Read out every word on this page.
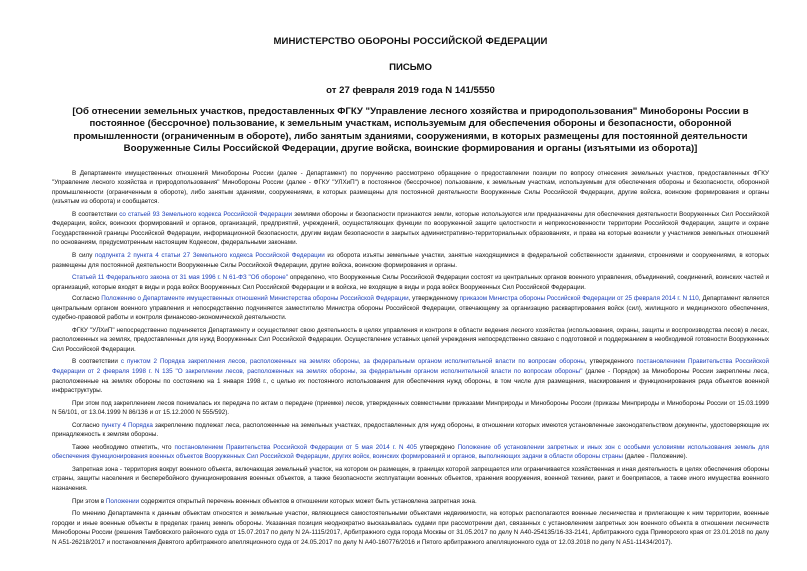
МИНИСТЕРСТВО ОБОРОНЫ РОССИЙСКОЙ ФЕДЕРАЦИИ
ПИСЬМО
от 27 февраля 2019 года N 141/5550
[Об отнесении земельных участков, предоставленных ФГКУ "Управление лесного хозяйства и природопользования" Минобороны России в постоянное (бессрочное) пользование, к земельным участкам, используемым для обеспечения обороны и безопасности, оборонной промышленности (ограниченным в обороте), либо занятым зданиями, сооружениями, в которых размещены для постоянной деятельности Вооруженные Силы Российской Федерации, другие войска, воинские формирования и органы (изъятыми из оборота)]

В Департаменте имущественных отношений Минобороны России (далее - Департамент) по поручению рассмотрено обращение о предоставлении позиции по вопросу отнесения земельных участков, предоставленных ФГКУ "Управление лесного хозяйства и природопользования" Минобороны России (далее - ФГКУ "УЛХиП") в постоянное (бессрочное) пользование, к земельным участкам, используемым для обеспечения обороны и безопасности, оборонной промышленности (ограниченным в обороте), либо занятым зданиями, сооружениями, в которых размещены для постоянной деятельности Вооруженные Силы Российской Федерации, другие войска, воинские формирования и органы (изъятым из оборота) и сообщается.

В соответствии со статьей 93 Земельного кодекса Российской Федерации землями обороны и безопасности признаются земли, которые используются или предназначены для обеспечения деятельности Вооруженных Сил Российской Федерации, войск, воинских формирований и органов, организаций, предприятий, учреждений, осуществляющих функции по вооруженной защите целостности и неприкосновенности территории Российской Федерации, защите и охране Государственной границы Российской Федерации, информационной безопасности, другим видам безопасности в закрытых административно-территориальных образованиях, и права на которые возникли у участников земельных отношений по основаниям, предусмотренным настоящим Кодексом, федеральными законами.

В силу подпункта 2 пункта 4 статьи 27 Земельного кодекса Российской Федерации из оборота изъяты земельные участки, занятые находящимися в федеральной собственности зданиями, строениями и сооружениями, в которых размещены для постоянной деятельности Вооруженные Силы Российской Федерации, другие войска, воинские формирования и органы.

Статьей 11 Федерального закона от 31 мая 1996 г. N 61-ФЗ "Об обороне" определено, что Вооруженные Силы Российской Федерации состоят из центральных органов военного управления, объединений, соединений, воинских частей и организаций, которые входят в виды и рода войск Вооруженных Сил Российской Федерации и в войска, не входящие в виды и рода войск Вооруженных Сил Российской Федерации.

Согласно Положению о Департаменте имущественных отношений Министерства обороны Российской Федерации, утвержденному приказом Министра обороны Российской Федерации от 25 февраля 2014 г. N 110, Департамент является центральным органом военного управления и непосредственно подчиняется заместителю Министра обороны Российской Федерации, отвечающему за организацию расквартирования войск (сил), жилищного и медицинского обеспечения, судебно-правовой работы и контроля финансово-экономической деятельности.

ФГКУ "УЛХиП" непосредственно подчиняется Департаменту и осуществляет свою деятельность в целях управления и контроля в области ведения лесного хозяйства (использования, охраны, защиты и воспроизводства лесов) в лесах, расположенных на землях, предоставленных для нужд Вооруженных Сил Российской Федерации. Осуществление уставных целей учреждения непосредственно связано с подготовкой и поддержанием в необходимой готовности Вооруженных Сил Российской Федерации.

В соответствии с пунктом 2 Порядка закрепления лесов, расположенных на землях обороны, за федеральным органом исполнительной власти по вопросам обороны, утвержденного постановлением Правительства Российской Федерации от 2 февраля 1998 г. N 135 "О закреплении лесов, расположенных на землях обороны, за федеральным органом исполнительной власти по вопросам обороны" (далее - Порядок) за Минобороны России закреплены леса, расположенные на землях обороны по состоянию на 1 января 1998 г., с целью их постоянного использования для обеспечения нужд обороны, в том числе для размещения, маскирования и функционирования ряда объектов военной инфраструктуры.

При этом под закреплением лесов понималась их передача по актам о передаче (приемке) лесов, утвержденных совместными приказами Минприроды и Минобороны России (приказы Минприроды и Минобороны России от 15.03.1999 N 56/101, от 13.04.1999 N 86/136 и от 15.12.2000 N 555/592).

Согласно пункту 4 Порядка закреплению подлежат леса, расположенные на земельных участках, предоставленных для нужд обороны, в отношении которых имеются установленные законодательством документы, удостоверяющие их принадлежность к землям обороны.

Также необходимо отметить, что постановлением Правительства Российской Федерации от 5 мая 2014 г. N 405 утверждено Положение об установлении запретных и иных зон с особыми условиями использования земель для обеспечения функционирования военных объектов Вооруженных Сил Российской Федерации, других войск, воинских формирований и органов, выполняющих задачи в области обороны страны (далее - Положение).

Запретная зона - территория вокруг военного объекта, включающая земельный участок, на котором он размещен, в границах которой запрещается или ограничивается хозяйственная и иная деятельность в целях обеспечения обороны страны, защиты населения и бесперебойного функционирования военных объектов, а также безопасности эксплуатации военных объектов, хранения вооружения, военной техники, ракет и боеприпасов, а также иного имущества военного назначения.

При этом в Положении содержится открытый перечень военных объектов в отношении которых может быть установлена запретная зона.

По мнению Департамента к данным объектам относятся и земельные участки, являющиеся самостоятельными объектами недвижимости, на которых располагаются военные лесничества и прилегающие к ним территории, военные городки и иные военные объекты в пределах границ земель обороны. Указанная позиция неоднократно высказывалась судами при рассмотрении дел, связанных с установлением запретных зон военного объекта в отношении лесничеств Минобороны России (решения Тамбовского районного суда от 15.07.2017 по делу N 2А-1115/2017, Арбитражного суда города Москвы от 31.05.2017 по делу N А40-254135/16-33-2141, Арбитражного суда Приморского края от 23.01.2018 по делу N А51-26218/2017 и постановления Девятого арбитражного апелляционного суда от 24.05.2017 по делу N А40-160776/2016 и Пятого арбитражного апелляционного суда от 12.03.2018 по делу N А51-11434/2017).
